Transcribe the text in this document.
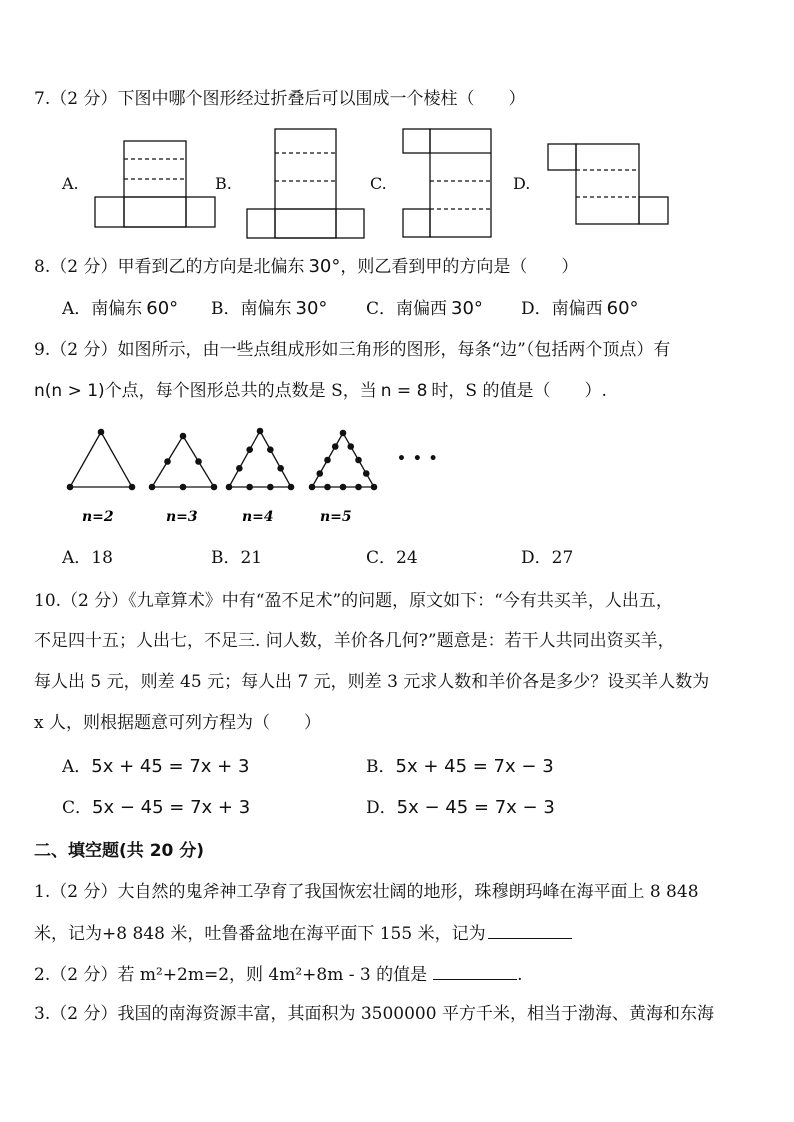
7.（2 分）下图中哪个图形经过折叠后可以围成一个棱柱（　　）
A.	B.	C.	D.
n=2	n=3	n=4	n=5
8.（2 分）甲看到乙的方向是北偏东 30°，则乙看到甲的方向是（　　）
A．南偏东 60° B．南偏东 30° C．南偏西 30° D．南偏西 60°
9.（2 分）如图所示，由一些点组成形如三角形的图形，每条“边”（包括两个顶点）有
n(n > 1)个点，每个图形总共的点数是 S，当 n = 8 时，S 的值是（　　）.
• • •
A．18	B．21	C．24	D．27
10.（2 分）《九章算术》中有“盈不足术”的问题，原文如下：“今有共买羊，人出五，
不足四十五；人出七，不足三. 问人数，羊价各几何?”题意是：若干人共同出资买羊，
每人出 5 元，则差 45 元；每人出 7 元，则差 3 元求人数和羊价各是多少？设买羊人数为
x 人，则根据题意可列方程为（　　）
A．5x + 45 = 7x + 3	B．5x + 45 = 7x − 3
C．5x − 45 = 7x + 3	D．5x − 45 = 7x − 3
二、填空题(共 20 分)
1.（2 分）大自然的鬼斧神工孕育了我国恢宏壮阔的地形，珠穆朗玛峰在海平面上 8 848
米，记为+8 848 米，吐鲁番盆地在海平面下 155 米，记为
2.（2 分）若 m²+2m=2，则 4m²+8m - 3 的值是	.
3.（2 分）我国的南海资源丰富，其面积为 3500000 平方千米，相当于渤海、黄海和东海
